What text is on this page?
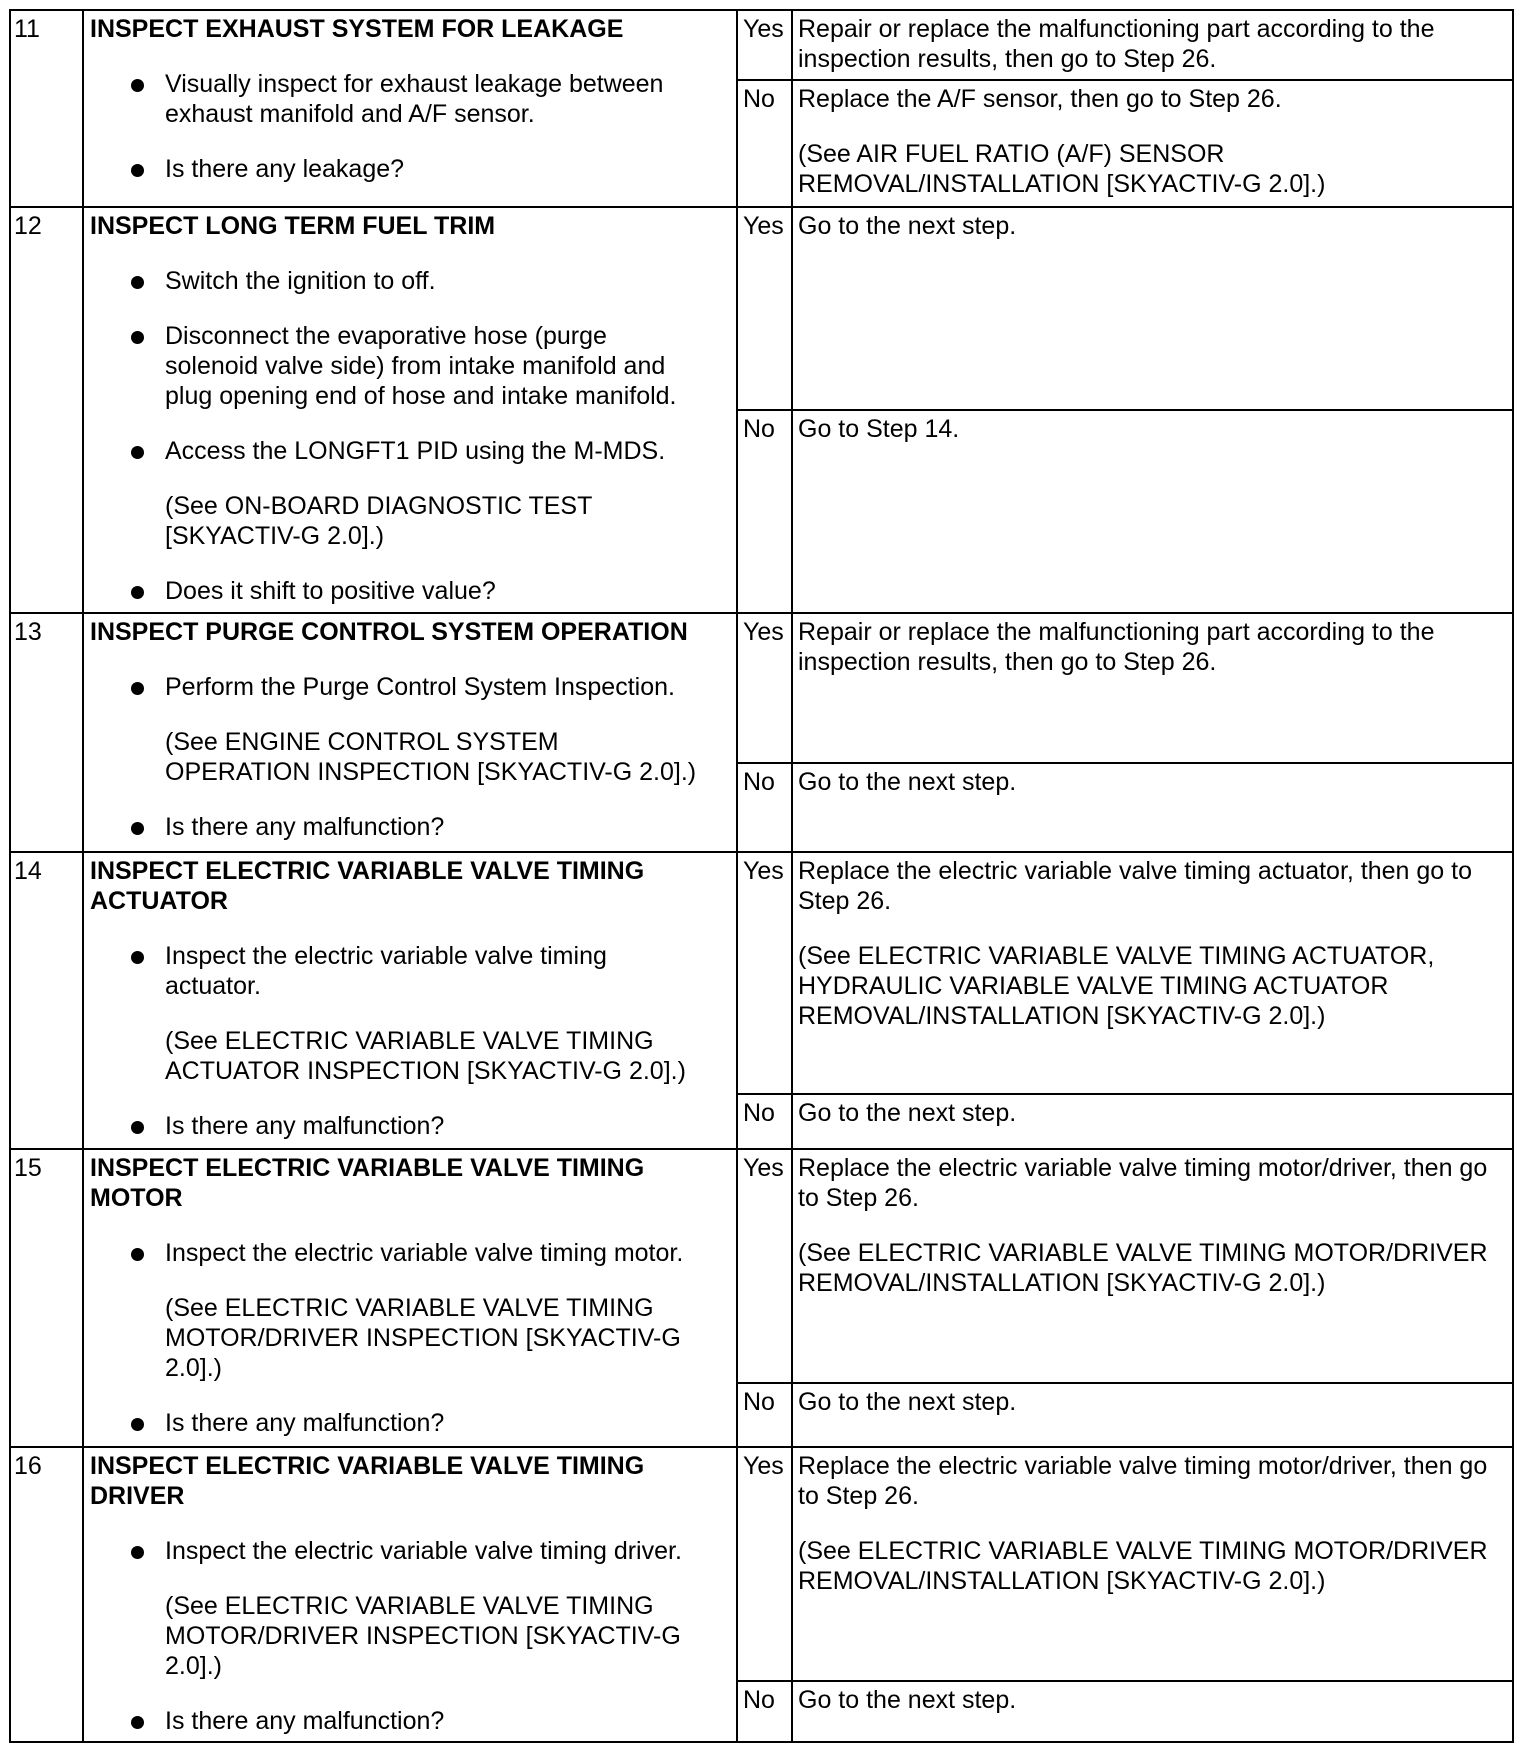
11	INSPECT EXHAUST SYSTEM FOR LEAKAGE
Visually inspect for exhaust leakage between
exhaust manifold and A/F sensor.
Is there any leakage?
Yes Repair or replace the malfunctioning part according to the
inspection results, then go to Step 26.
No Replace the A/F sensor, then go to Step 26.
(See AIR FUEL RATIO (A/F) SENSOR
REMOVAL/INSTALLATION [SKYACTIV-G 2.0].)
12	INSPECT LONG TERM FUEL TRIM
Switch the ignition to off.
Disconnect the evaporative hose (purge
solenoid valve side) from intake manifold and
plug opening end of hose and intake manifold.
Access the LONGFT1 PID using the M-MDS.
(See ON-BOARD DIAGNOSTIC TEST
[SKYACTIV-G 2.0].)
Does it shift to positive value?
Yes Go to the next step.
No Go to Step 14.
13	INSPECT PURGE CONTROL SYSTEM OPERATION
Perform the Purge Control System Inspection.
(See ENGINE CONTROL SYSTEM
OPERATION INSPECTION [SKYACTIV-G 2.0].)
Is there any malfunction?
Yes Repair or replace the malfunctioning part according to the
inspection results, then go to Step 26.
No Go to the next step.
14	INSPECT ELECTRIC VARIABLE VALVE TIMING
ACTUATOR
Inspect the electric variable valve timing
actuator.
(See ELECTRIC VARIABLE VALVE TIMING
ACTUATOR INSPECTION [SKYACTIV-G 2.0].)
Is there any malfunction?
Yes Replace the electric variable valve timing actuator, then go to
Step 26.
(See ELECTRIC VARIABLE VALVE TIMING ACTUATOR,
HYDRAULIC VARIABLE VALVE TIMING ACTUATOR
REMOVAL/INSTALLATION [SKYACTIV-G 2.0].)
No Go to the next step.
15	INSPECT ELECTRIC VARIABLE VALVE TIMING
MOTOR
Inspect the electric variable valve timing motor.
(See ELECTRIC VARIABLE VALVE TIMING
MOTOR/DRIVER INSPECTION [SKYACTIV-G
2.0].)
Is there any malfunction?
Yes Replace the electric variable valve timing motor/driver, then go
to Step 26.
(See ELECTRIC VARIABLE VALVE TIMING MOTOR/DRIVER
REMOVAL/INSTALLATION [SKYACTIV-G 2.0].)
No Go to the next step.
16	INSPECT ELECTRIC VARIABLE VALVE TIMING
DRIVER
Inspect the electric variable valve timing driver.
(See ELECTRIC VARIABLE VALVE TIMING
MOTOR/DRIVER INSPECTION [SKYACTIV-G
2.0].)
Is there any malfunction?
Yes Replace the electric variable valve timing motor/driver, then go
to Step 26.
(See ELECTRIC VARIABLE VALVE TIMING MOTOR/DRIVER
REMOVAL/INSTALLATION [SKYACTIV-G 2.0].)
No Go to the next step.
